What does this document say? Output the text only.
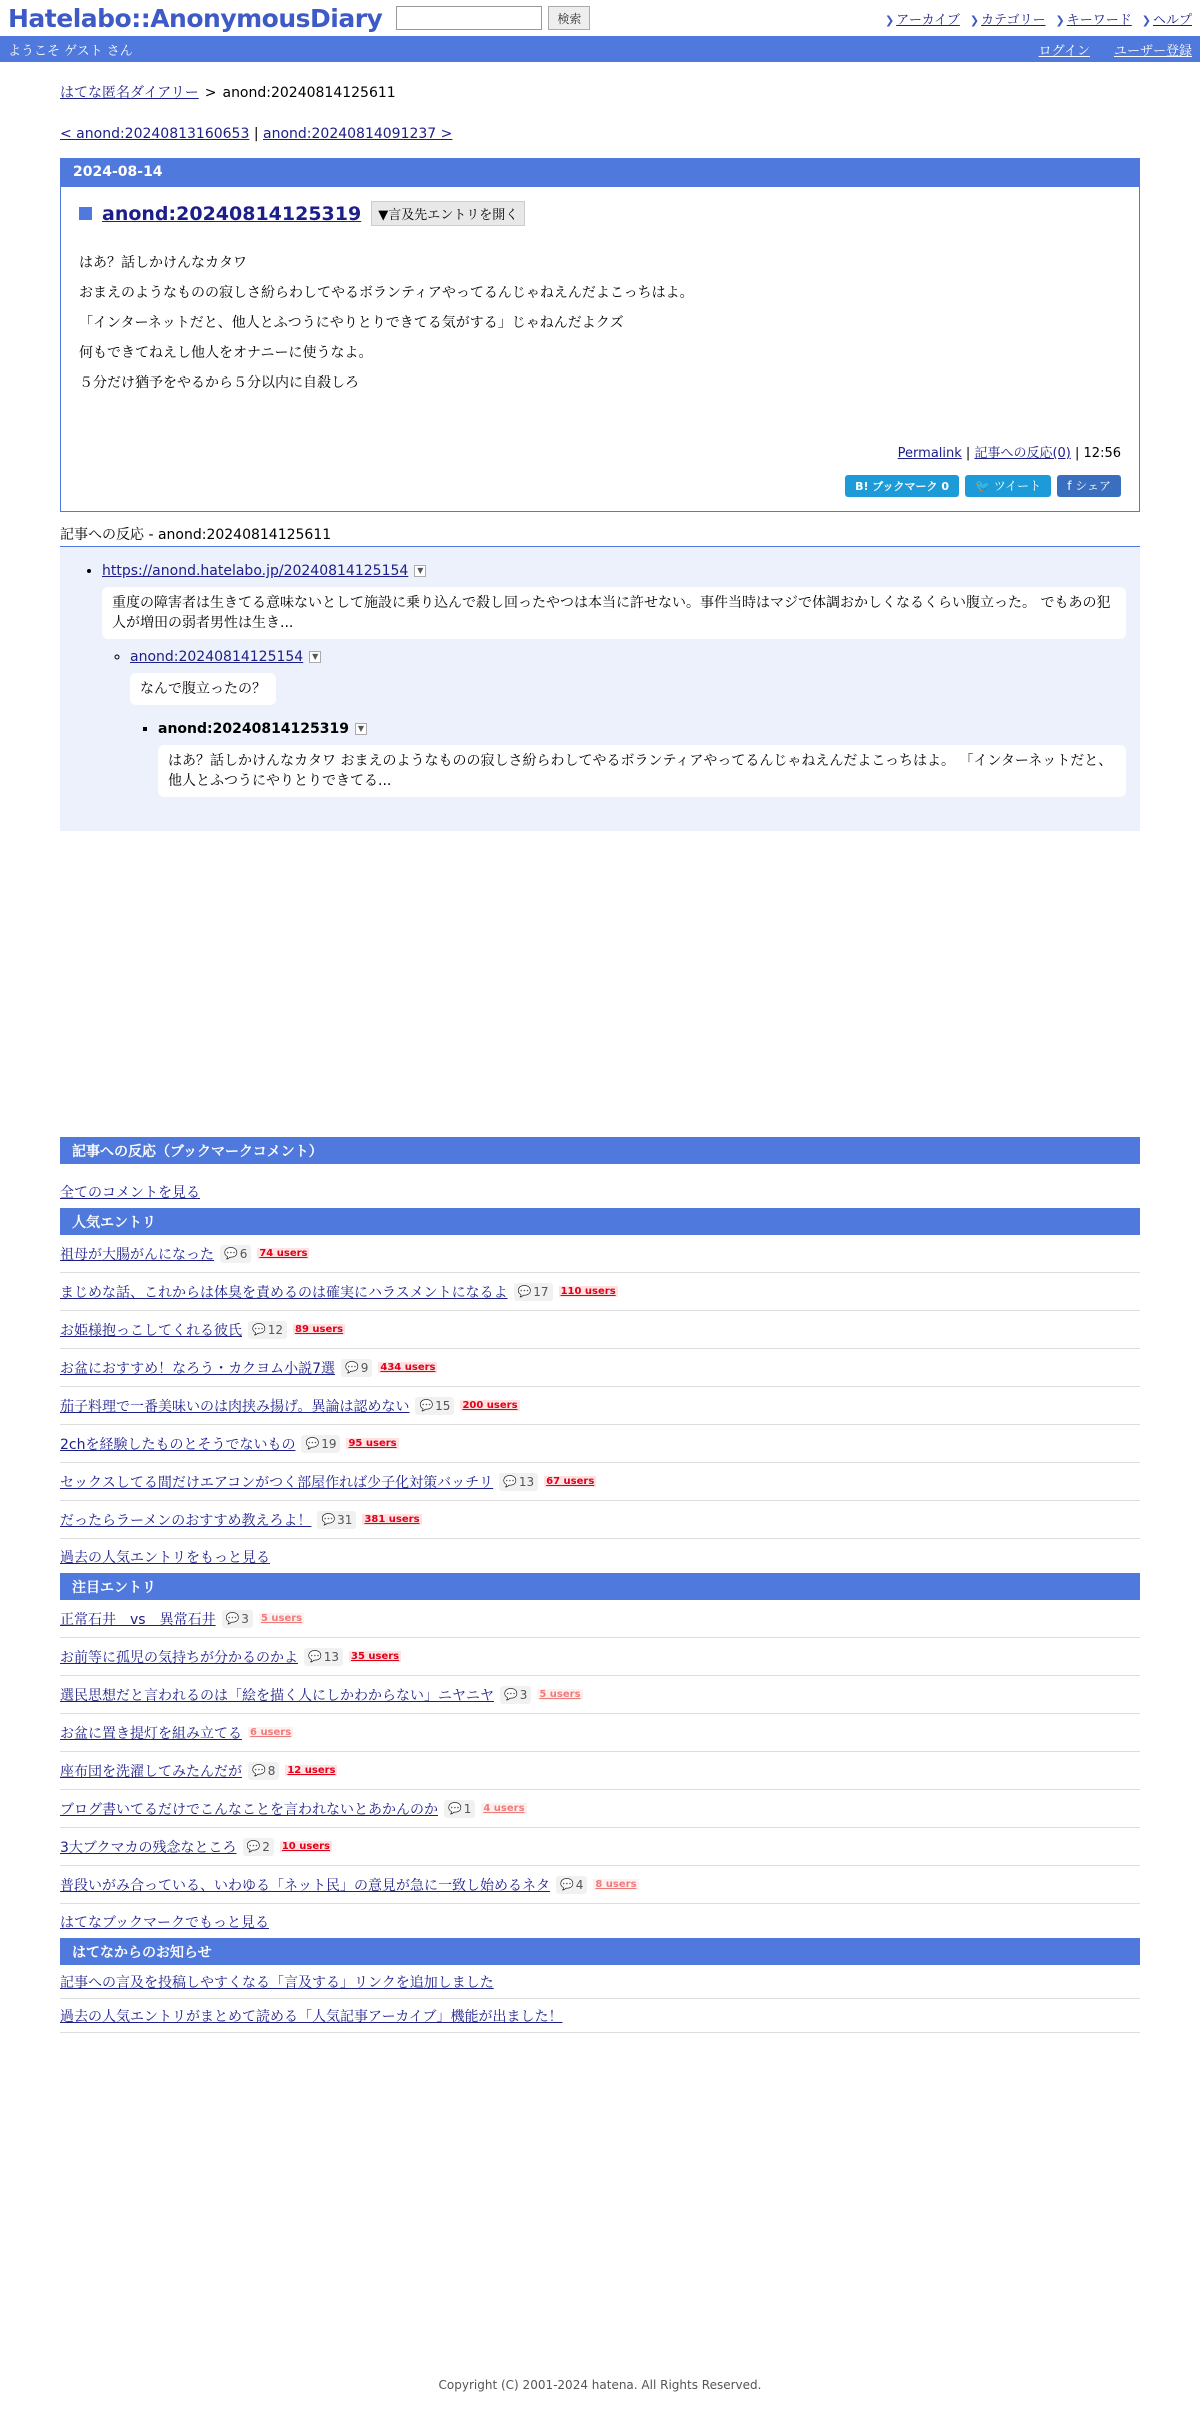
Hatelabo::AnonymousDiary	検索	❯ アーカイブ ❯ カテゴリー ❯ キーワード ❯ ヘルプ
ようこそ ゲスト さん	ログイン ユーザー登録
はてな匿名ダイアリー > anond:20240814125611
< anond:20240813160653 | anond:20240814091237 >
2024-08-14
anond:20240814125319	▼言及先エントリを開く

はあ？話しかけんなカタワ

おまえのようなものの寂しさ紛らわしてやるボランティアやってるんじゃねえんだよこっちはよ。

「インターネットだと、他人とふつうにやりとりできてる気がする」じゃねんだよクズ

何もできてねえし他人をオナニーに使うなよ。

５分だけ猶予をやるから５分以内に自殺しろ

Permalink | 記事への反応(0) | 12:56
B! ブックマーク 0	🐦 ツイート	f シェア
記事への反応 - anond:20240814125611
• https://anond.hatelabo.jp/20240814125154 ▼
重度の障害者は生きてる意味ないとして施設に乗り込んで殺し回ったやつは本当に許せない。事件当時はマジで体調おかしくなるくらい腹立った。 でもあの犯人が増田の弱者男性は生き...
◦ anond:20240814125154 ▼
なんで腹立ったの？
▪ anond:20240814125319 ▼
はあ？話しかけんなカタワ おまえのようなものの寂しさ紛らわしてやるボランティアやってるんじゃねえんだよこっちはよ。 「インターネットだと、他人とふつうにやりとりできてる...
記事への反応（ブックマークコメント）
全てのコメントを見る
人気エントリ
祖母が大腸がんになった 💬 6 74 users
まじめな話、これからは体臭を責めるのは確実にハラスメントになるよ 💬 17 110 users
お姫様抱っこしてくれる彼氏 💬 12 89 users
お盆におすすめ！なろう・カクヨム小説7選 💬 9 434 users
茄子料理で一番美味いのは肉挟み揚げ。異論は認めない 💬 15 200 users
2chを経験したものとそうでないもの 💬 19 95 users
セックスしてる間だけエアコンがつく部屋作れば少子化対策バッチリ 💬 13 67 users
だったらラーメンのおすすめ教えろよ！ 💬 31 381 users
過去の人気エントリをもっと見る
注目エントリ
正常石井　vs　異常石井 💬 3 5 users
お前等に孤児の気持ちが分かるのかよ 💬 13 35 users
選民思想だと言われるのは「絵を描く人にしかわからない」ニヤニヤ 💬 3 5 users
お盆に置き提灯を組み立てる 6 users
座布団を洗濯してみたんだが 💬 8 12 users
ブログ書いてるだけでこんなことを言われないとあかんのか 💬 1 4 users
3大ブクマカの残念なところ 💬 2 10 users
普段いがみ合っている、いわゆる「ネット民」の意見が急に一致し始めるネタ 💬 4 8 users
はてなブックマークでもっと見る
はてなからのお知らせ
記事への言及を投稿しやすくなる「言及する」リンクを追加しました
過去の人気エントリがまとめて読める「人気記事アーカイブ」機能が出ました！
Copyright (C) 2001-2024 hatena. All Rights Reserved.
